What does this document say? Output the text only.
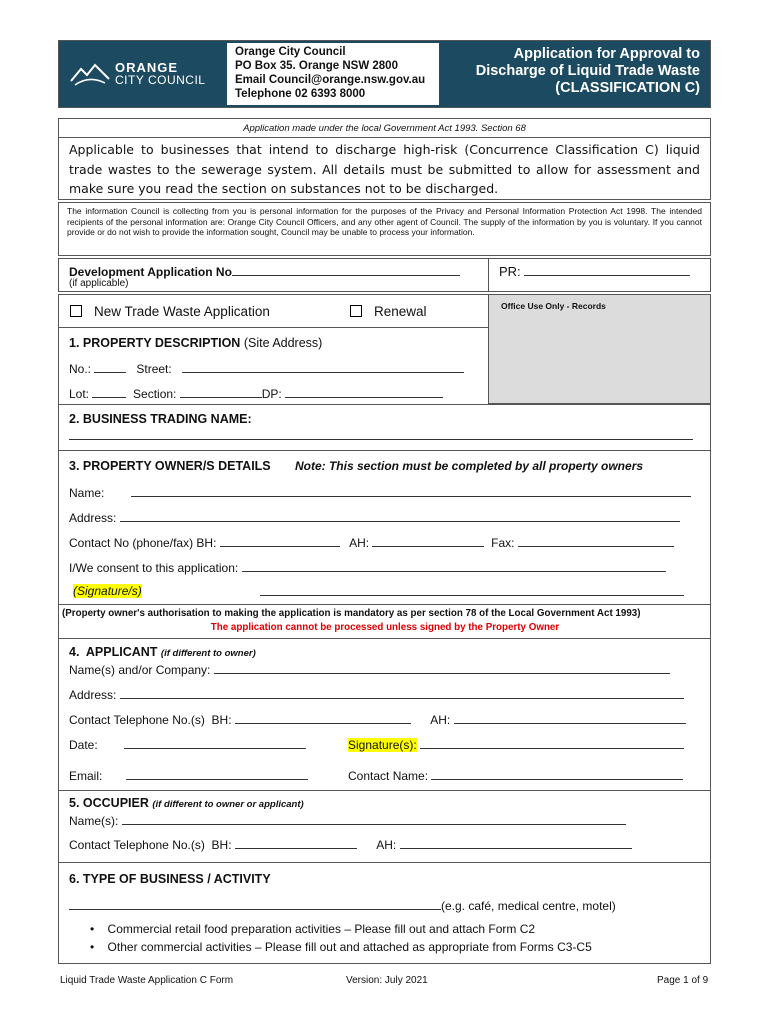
ORANGE
CITY COUNCIL
Orange City Council
PO Box 35. Orange NSW 2800
Email Council@orange.nsw.gov.au
Telephone 02 6393 8000
Application for Approval to
Discharge of Liquid Trade Waste
(CLASSIFICATION C)
Application made under the local Government Act 1993. Section 68
Applicable to businesses that intend to discharge high-risk (Concurrence Classification C) liquid trade wastes to the sewerage system. All details must be submitted to allow for assessment and make sure you read the section on substances not to be discharged.
The information Council is collecting from you is personal information for the purposes of the Privacy and Personal Information Protection Act 1998. The intended recipients of the personal information are: Orange City Council Officers, and any other agent of Council. The supply of the information by you is voluntary. If you cannot provide or do not wish to provide the information sought, Council may be unable to process your information.
Development Application No
(if applicable)
PR:
Office Use Only - Records
New Trade Waste Application	Renewal
1. PROPERTY DESCRIPTION (Site Address)
No.:	Street:
Lot:	Section:	DP:
2. BUSINESS TRADING NAME:
3. PROPERTY OWNER/S DETAILS Note: This section must be completed by all property owners
Name:
Address:
Contact No (phone/fax) BH:	AH:	Fax:
I/We consent to this application:
(Signature/s)
(Property owner's authorisation to making the application is mandatory as per section 78 of the Local Government Act 1993)
The application cannot be processed unless signed by the Property Owner
4.  APPLICANT (if different to owner)
Name(s) and/or Company:
Address:
Contact Telephone No.(s)  BH:	AH:
Date:	Signature(s):
Email:	Contact Name:
5. OCCUPIER (if different to owner or applicant)
Name(s):
Contact Telephone No.(s)  BH:	AH:
6. TYPE OF BUSINESS / ACTIVITY
(e.g. café, medical centre, motel)
•    Commercial retail food preparation activities – Please fill out and attach Form C2
•    Other commercial activities – Please fill out and attached as appropriate from Forms C3-C5
Liquid Trade Waste Application C Form	Version: July 2021	Page 1 of 9
